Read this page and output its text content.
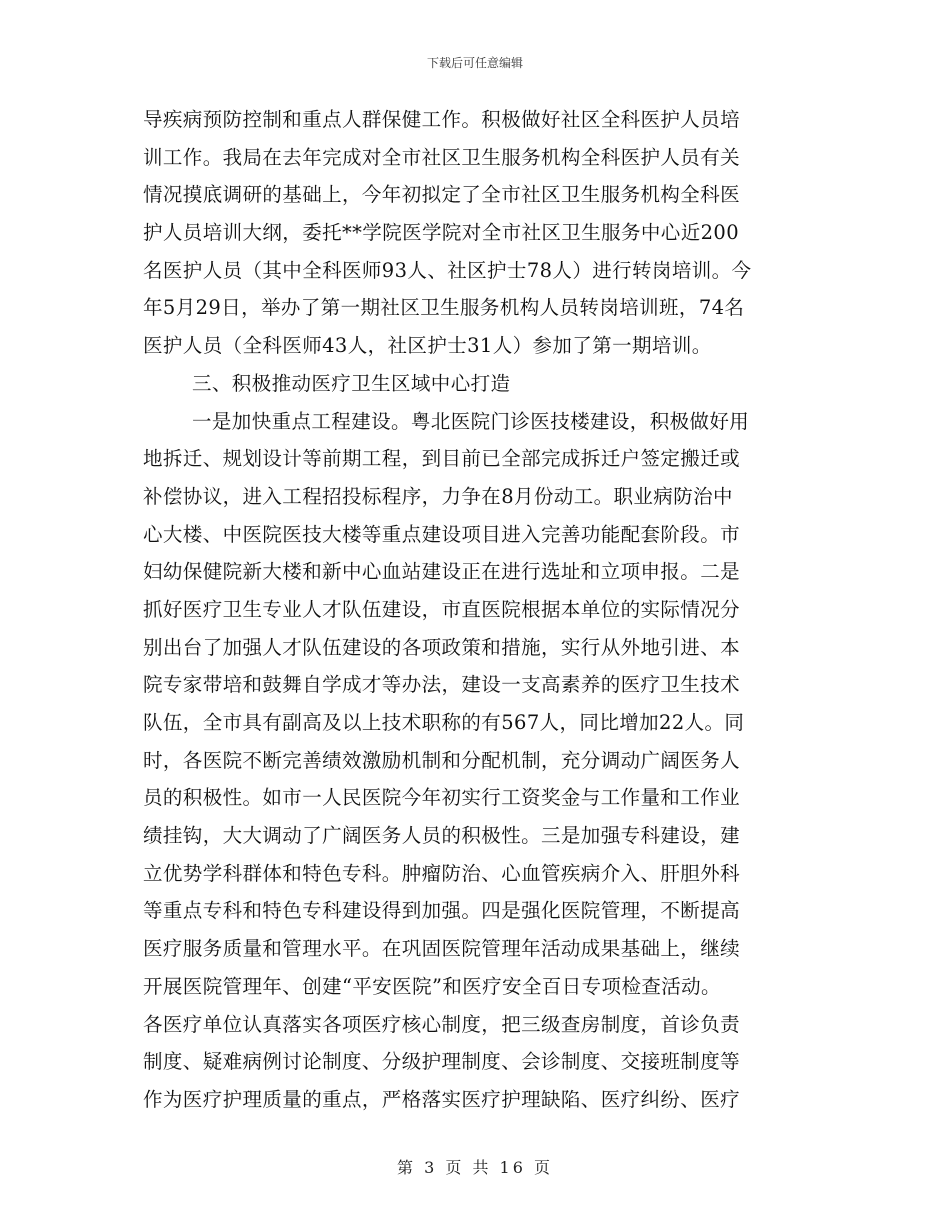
下载后可任意编辑
导疾病预防控制和重点人群保健工作。积极做好社区全科医护人员培
训工作。我局在去年完成对全市社区卫生服务机构全科医护人员有关
情况摸底调研的基础上，今年初拟定了全市社区卫生服务机构全科医
护人员培训大纲，委托**学院医学院对全市社区卫生服务中心近200
名医护人员（其中全科医师93人、社区护士78人）进行转岗培训。今
年5月29日，举办了第一期社区卫生服务机构人员转岗培训班，74名
医护人员（全科医师43人，社区护士31人）参加了第一期培训。
三、积极推动医疗卫生区域中心打造
一是加快重点工程建设。粤北医院门诊医技楼建设，积极做好用
地拆迁、规划设计等前期工程，到目前已全部完成拆迁户签定搬迁或
补偿协议，进入工程招投标程序，力争在8月份动工。职业病防治中
心大楼、中医院医技大楼等重点建设项目进入完善功能配套阶段。市
妇幼保健院新大楼和新中心血站建设正在进行选址和立项申报。二是
抓好医疗卫生专业人才队伍建设，市直医院根据本单位的实际情况分
别出台了加强人才队伍建设的各项政策和措施，实行从外地引进、本
院专家带培和鼓舞自学成才等办法，建设一支高素养的医疗卫生技术
队伍，全市具有副高及以上技术职称的有567人，同比增加22人。同
时，各医院不断完善绩效激励机制和分配机制，充分调动广阔医务人
员的积极性。如市一人民医院今年初实行工资奖金与工作量和工作业
绩挂钩，大大调动了广阔医务人员的积极性。三是加强专科建设，建
立优势学科群体和特色专科。肿瘤防治、心血管疾病介入、肝胆外科
等重点专科和特色专科建设得到加强。四是强化医院管理，不断提高
医疗服务质量和管理水平。在巩固医院管理年活动成果基础上，继续
开展医院管理年、创建“平安医院”和医疗安全百日专项检查活动。
各医疗单位认真落实各项医疗核心制度，把三级查房制度，首诊负责
制度、疑难病例讨论制度、分级护理制度、会诊制度、交接班制度等
作为医疗护理质量的重点，严格落实医疗护理缺陷、医疗纠纷、医疗
第 3 页 共 16 页
